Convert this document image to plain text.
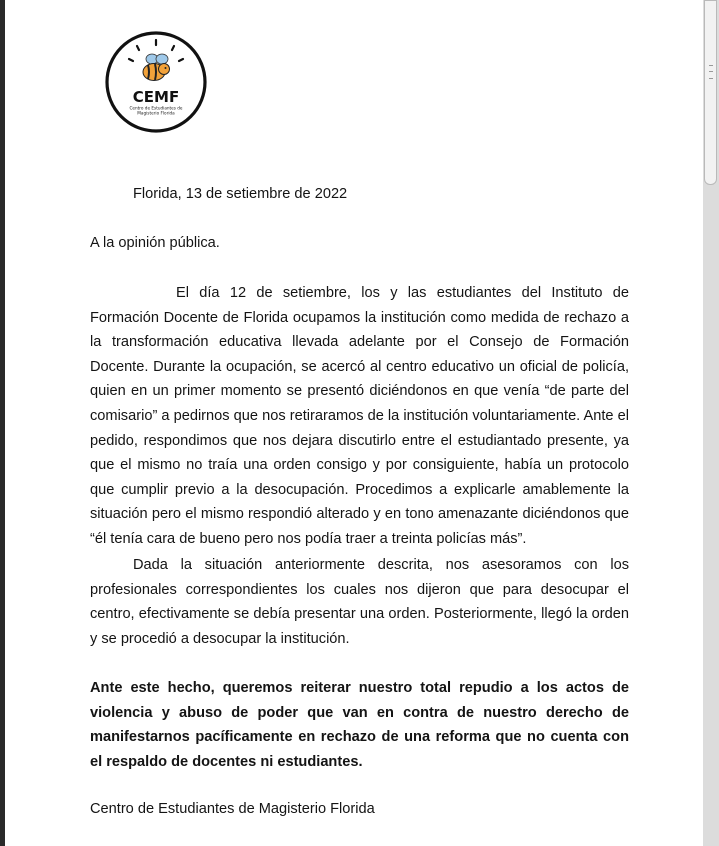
CEMF
Centro de Estudiantes de
Magisterio Florida
Florida, 13 de setiembre de 2022
A la opinión pública.
El día 12 de setiembre, los y las estudiantes del Instituto de Formación Docente de Florida ocupamos la institución como medida de rechazo a la transformación educativa llevada adelante por el Consejo de Formación Docente. Durante la ocupación, se acercó al centro educativo un oficial de policía, quien en un primer momento se presentó diciéndonos en que venía “de parte del comisario” a pedirnos que nos retiraramos de la institución voluntariamente. Ante el pedido, respondimos que nos dejara discutirlo entre el estudiantado presente, ya que el mismo no traía una orden consigo y por consiguiente, había un protocolo que cumplir previo a la desocupación. Procedimos a explicarle amablemente la situación pero el mismo respondió alterado y en tono amenazante diciéndonos que “él tenía cara de bueno pero nos podía traer a treinta policías más”.
Dada la situación anteriormente descrita, nos asesoramos con los profesionales correspondientes los cuales nos dijeron que para desocupar el centro, efectivamente se debía presentar una orden. Posteriormente, llegó la orden y se procedió a desocupar la institución.
Ante este hecho, queremos reiterar nuestro total repudio a los actos de violencia y abuso de poder que van en contra de nuestro derecho de manifestarnos pacíficamente en rechazo de una reforma que no cuenta con el respaldo de docentes ni estudiantes.
Centro de Estudiantes de Magisterio Florida
